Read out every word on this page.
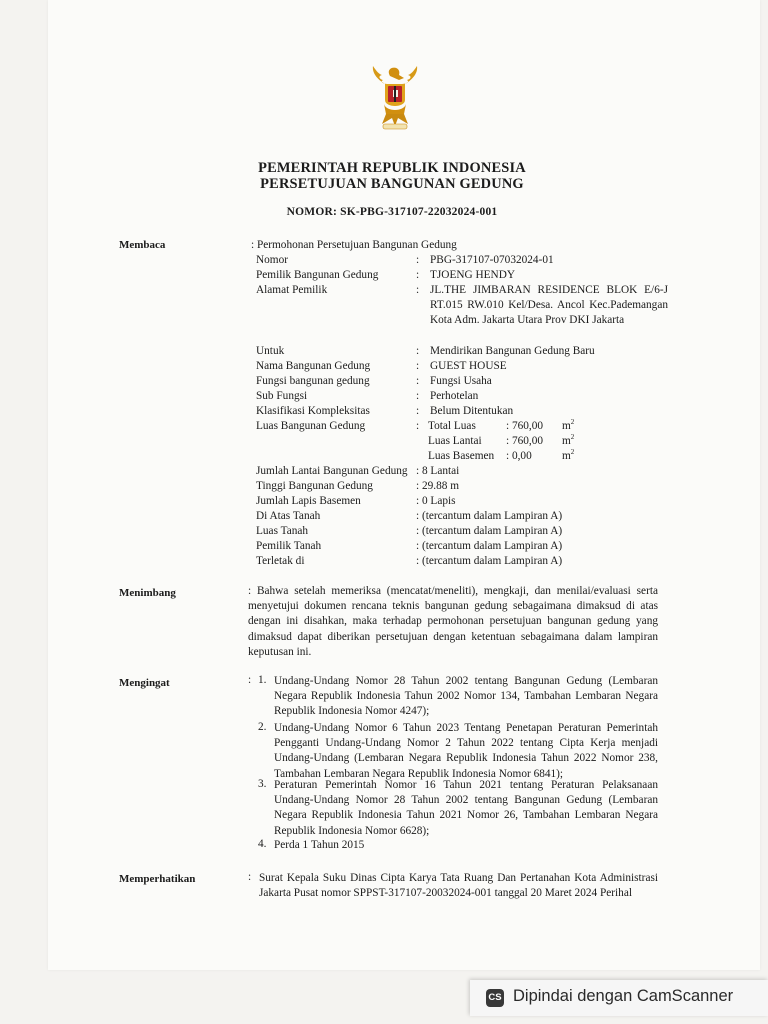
PEMERINTAH REPUBLIK INDONESIA
PERSETUJUAN BANGUNAN GEDUNG
NOMOR: SK-PBG-317107-22032024-001
Membaca	: Permohonan Persetujuan Bangunan Gedung
Nomor	: PBG-317107-07032024-01
Pemilik Bangunan Gedung	: TJOENG HENDY
Alamat Pemilik	: JL.THE JIMBARAN RESIDENCE BLOK E/6-J RT.015 RW.010 Kel/Desa. Ancol Kec.Pademangan Kota Adm. Jakarta Utara Prov DKI Jakarta
Untuk	: Mendirikan Bangunan Gedung Baru
Nama Bangunan Gedung	: GUEST HOUSE
Fungsi bangunan gedung	: Fungsi Usaha
Sub Fungsi	: Perhotelan
Klasifikasi Kompleksitas	: Belum Ditentukan
Luas Bangunan Gedung	: Total Luas	: 760,00 $m^2$
Luas Lantai : 760,00 $m^2$
Luas Basemen : 0,00	$m^2$
Jumlah Lantai Bangunan Gedung : 8 Lantai
Tinggi Bangunan Gedung	: 29.88 m
Jumlah Lapis Basemen	: 0 Lapis
Di Atas Tanah	: (tercantum dalam Lampiran A)
Luas Tanah	: (tercantum dalam Lampiran A)
Pemilik Tanah	: (tercantum dalam Lampiran A)
Terletak di	: (tercantum dalam Lampiran A)
Menimbang	: Bahwa setelah memeriksa (mencatat/meneliti), mengkaji, dan menilai/evaluasi serta menyetujui dokumen rencana teknis bangunan gedung sebagaimana dimaksud di atas dengan ini disahkan, maka terhadap permohonan persetujuan bangunan gedung yang dimaksud dapat diberikan persetujuan dengan ketentuan sebagaimana dalam lampiran keputusan ini.
Mengingat	: 1. Undang-Undang Nomor 28 Tahun 2002 tentang Bangunan Gedung (Lembaran Negara Republik Indonesia Tahun 2002 Nomor 134, Tambahan Lembaran Negara Republik Indonesia Nomor 4247);
2. Undang-Undang Nomor 6 Tahun 2023 Tentang Penetapan Peraturan Pemerintah Pengganti Undang-Undang Nomor 2 Tahun 2022 tentang Cipta Kerja menjadi Undang-Undang (Lembaran Negara Republik Indonesia Tahun 2022 Nomor 238, Tambahan Lembaran Negara Republik Indonesia Nomor 6841);
3. Peraturan Pemerintah Nomor 16 Tahun 2021 tentang Peraturan Pelaksanaan Undang-Undang Nomor 28 Tahun 2002 tentang Bangunan Gedung (Lembaran Negara Republik Indonesia Tahun 2021 Nomor 26, Tambahan Lembaran Negara Republik Indonesia Nomor 6628);
4. Perda 1 Tahun 2015
Memperhatikan	: Surat Kepala Suku Dinas Cipta Karya Tata Ruang Dan Pertanahan Kota Administrasi Jakarta Pusat nomor SPPST-317107-20032024-001 tanggal 20 Maret 2024 Perihal
CS Dipindai dengan CamScanner
